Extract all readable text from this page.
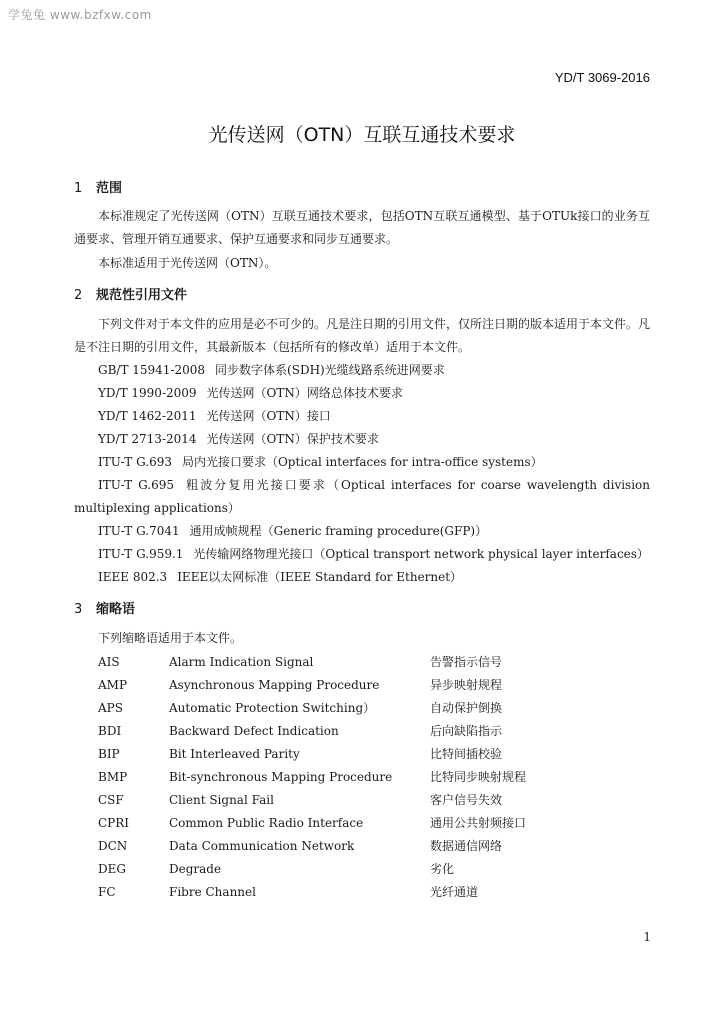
学兔兔 www.bzfxw.com
YD/T 3069-2016
光传送网（OTN）互联互通技术要求
1 范围
本标准规定了光传送网（OTN）互联互通技术要求，包括OTN互联互通模型、基于OTUk接口的业务互通要求、管理开销互通要求、保护互通要求和同步互通要求。
本标准适用于光传送网（OTN）。
2 规范性引用文件
下列文件对于本文件的应用是必不可少的。凡是注日期的引用文件，仅所注日期的版本适用于本文件。凡是不注日期的引用文件，其最新版本（包括所有的修改单）适用于本文件。
GB/T 15941-2008 同步数字体系(SDH)光缆线路系统进网要求
YD/T 1990-2009 光传送网（OTN）网络总体技术要求
YD/T 1462-2011 光传送网（OTN）接口
YD/T 2713-2014 光传送网（OTN）保护技术要求
ITU-T G.693 局内光接口要求（Optical interfaces for intra-office systems）
ITU-T G.695 粗波分复用光接口要求（Optical interfaces for coarse wavelength division multiplexing applications）
ITU-T G.7041 通用成帧规程（Generic framing procedure(GFP)）
ITU-T G.959.1 光传输网络物理光接口（Optical transport network physical layer interfaces）
IEEE 802.3 IEEE以太网标准（IEEE Standard for Ethernet）
3 缩略语
下列缩略语适用于本文件。
AIS	Alarm Indication Signal	告警指示信号
AMP	Asynchronous Mapping Procedure	异步映射规程
APS	Automatic Protection Switching）	自动保护倒换
BDI	Backward Defect Indication	后向缺陷指示
BIP	Bit Interleaved Parity	比特间插校验
BMP	Bit-synchronous Mapping Procedure	比特同步映射规程
CSF	Client Signal Fail	客户信号失效
CPRI	Common Public Radio Interface	通用公共射频接口
DCN	Data Communication Network	数据通信网络
DEG	Degrade	劣化
FC	Fibre Channel	光纤通道
1
